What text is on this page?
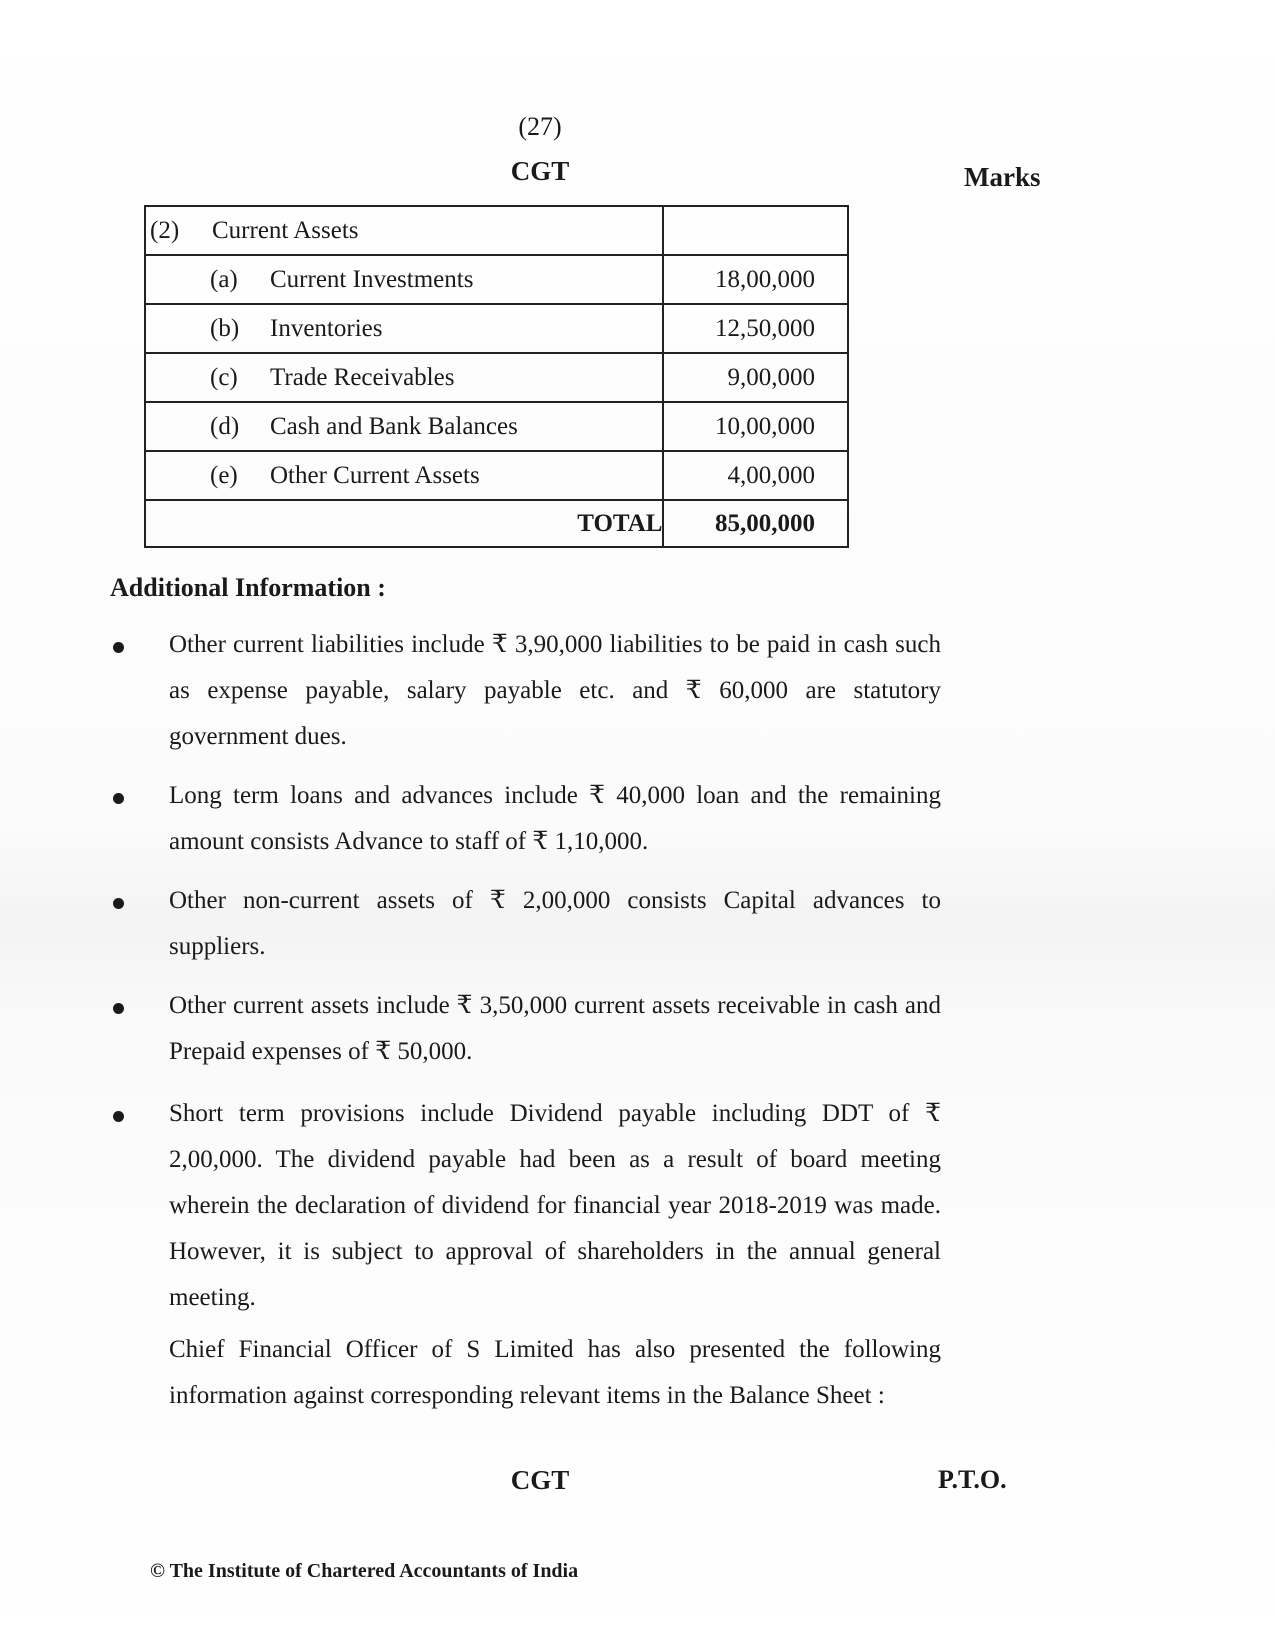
(27)
CGT	Marks
(2) Current Assets	
(a) Current Investments	18,00,000
(b) Inventories	12,50,000
(c) Trade Receivables	9,00,000
(d) Cash and Bank Balances	10,00,000
(e) Other Current Assets	4,00,000
TOTAL	85,00,000
Additional Information :
Other current liabilities include ₹ 3,90,000 liabilities to be paid in cash such as expense payable, salary payable etc. and ₹ 60,000 are statutory government dues.
Long term loans and advances include ₹ 40,000 loan and the remaining amount consists Advance to staff of ₹ 1,10,000.
Other non-current assets of ₹ 2,00,000 consists Capital advances to suppliers.
Other current assets include ₹ 3,50,000 current assets receivable in cash and Prepaid expenses of ₹ 50,000.
Short term provisions include Dividend payable including DDT of ₹ 2,00,000. The dividend payable had been as a result of board meeting wherein the declaration of dividend for financial year 2018-2019 was made. However, it is subject to approval of shareholders in the annual general meeting.
Chief Financial Officer of S Limited has also presented the following information against corresponding relevant items in the Balance Sheet :
CGT	P.T.O.
© The Institute of Chartered Accountants of India
